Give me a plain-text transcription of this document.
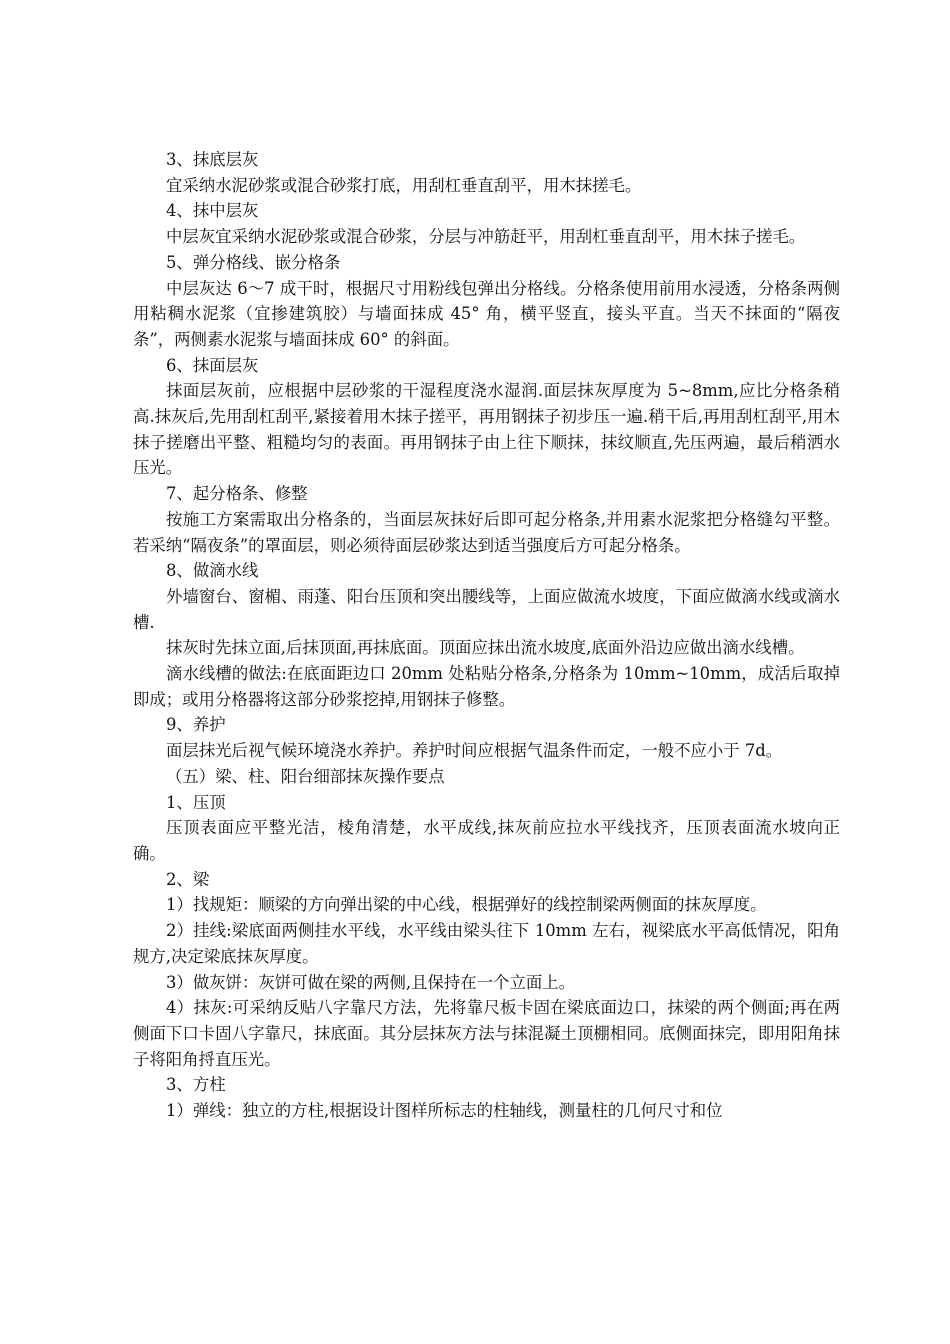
3、抹底层灰

宜采纳水泥砂浆或混合砂浆打底，用刮杠垂直刮平，用木抹搓毛。

4、抹中层灰

中层灰宜采纳水泥砂浆或混合砂浆，分层与冲筋赶平，用刮杠垂直刮平，用木抹子搓毛。

5、弹分格线、嵌分格条

中层灰达 6～7 成干时，根据尺寸用粉线包弹出分格线。分格条使用前用水浸透，分格条两侧用粘稠水泥浆（宜掺建筑胶）与墙面抹成 45° 角，横平竖直，接头平直。当天不抹面的“隔夜条”，两侧素水泥浆与墙面抹成 60° 的斜面。

6、抹面层灰

抹面层灰前，应根据中层砂浆的干湿程度浇水湿润.面层抹灰厚度为 5~8mm,应比分格条稍高.抹灰后,先用刮杠刮平,紧接着用木抹子搓平，再用钢抹子初步压一遍.稍干后,再用刮杠刮平,用木抹子搓磨出平整、粗糙均匀的表面。再用钢抹子由上往下顺抹，抹纹顺直,先压两遍，最后稍洒水压光。

7、起分格条、修整

按施工方案需取出分格条的，当面层灰抹好后即可起分格条,并用素水泥浆把分格缝勾平整。若采纳“隔夜条”的罩面层，则必须待面层砂浆达到适当强度后方可起分格条。

8、做滴水线

外墙窗台、窗楣、雨蓬、阳台压顶和突出腰线等，上面应做流水坡度，下面应做滴水线或滴水槽.

抹灰时先抹立面,后抹顶面,再抹底面。顶面应抹出流水坡度,底面外沿边应做出滴水线槽。

滴水线槽的做法:在底面距边口 20mm 处粘贴分格条,分格条为 10mm~10mm，成活后取掉即成；或用分格器将这部分砂浆挖掉,用钢抹子修整。

9、养护

面层抹光后视气候环境浇水养护。养护时间应根据气温条件而定，一般不应小于 7d。

（五）梁、柱、阳台细部抹灰操作要点

1、压顶

压顶表面应平整光洁，棱角清楚，水平成线,抹灰前应拉水平线找齐，压顶表面流水坡向正确。

2、梁

1）找规矩：顺梁的方向弹出梁的中心线，根据弹好的线控制梁两侧面的抹灰厚度。

2）挂线:梁底面两侧挂水平线，水平线由梁头往下 10mm 左右，视梁底水平高低情况，阳角规方,决定梁底抹灰厚度。

3）做灰饼：灰饼可做在梁的两侧,且保持在一个立面上。

4）抹灰:可采纳反贴八字靠尺方法，先将靠尺板卡固在梁底面边口，抹梁的两个侧面;再在两侧面下口卡固八字靠尺，抹底面。其分层抹灰方法与抹混凝土顶棚相同。底侧面抹完，即用阳角抹子将阳角捋直压光。

3、方柱

1）弹线：独立的方柱,根据设计图样所标志的柱轴线，测量柱的几何尺寸和位
